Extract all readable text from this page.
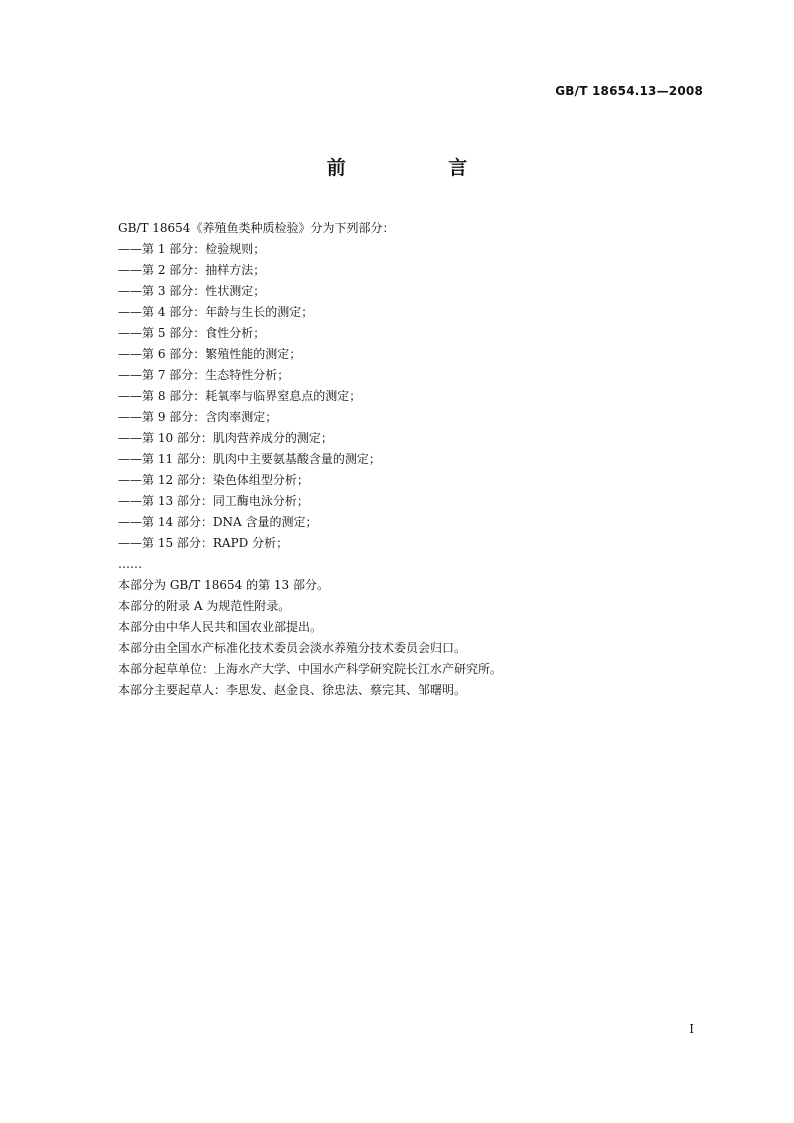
GB/T 18654.13—2008
前 言
GB/T 18654《养殖鱼类种质检验》分为下列部分：
——第 1 部分：检验规则；
——第 2 部分：抽样方法；
——第 3 部分：性状测定；
——第 4 部分：年龄与生长的测定；
——第 5 部分：食性分析；
——第 6 部分：繁殖性能的测定；
——第 7 部分：生态特性分析；
——第 8 部分：耗氧率与临界窒息点的测定；
——第 9 部分：含肉率测定；
——第 10 部分：肌肉营养成分的测定；
——第 11 部分：肌肉中主要氨基酸含量的测定；
——第 12 部分：染色体组型分析；
——第 13 部分：同工酶电泳分析；
——第 14 部分：DNA 含量的测定；
——第 15 部分：RAPD 分析；
……
本部分为 GB/T 18654 的第 13 部分。
本部分的附录 A 为规范性附录。
本部分由中华人民共和国农业部提出。
本部分由全国水产标准化技术委员会淡水养殖分技术委员会归口。
本部分起草单位：上海水产大学、中国水产科学研究院长江水产研究所。
本部分主要起草人：李思发、赵金良、徐忠法、蔡完其、邹曙明。
I
